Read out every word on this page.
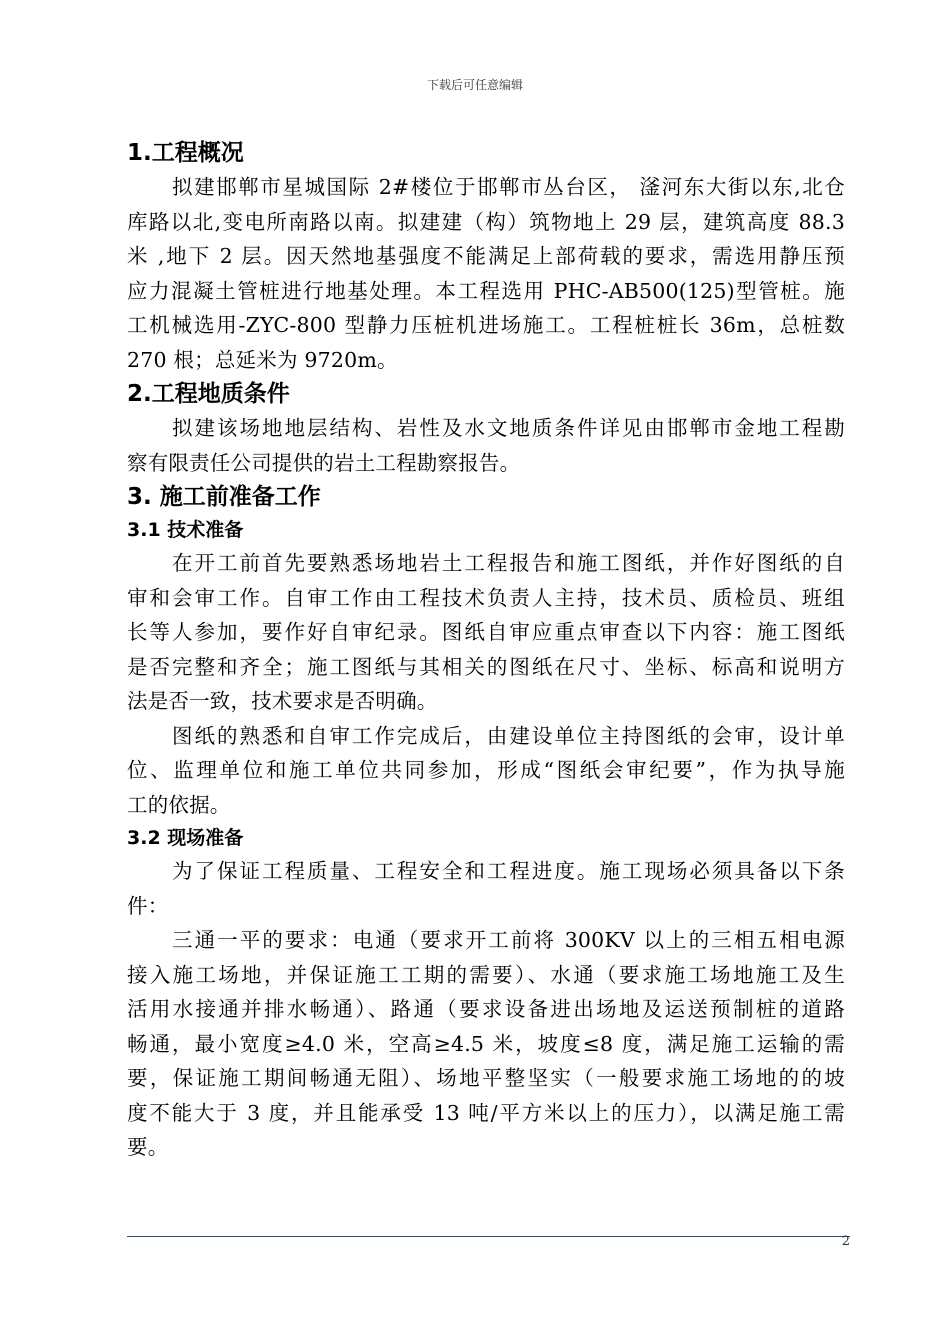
下载后可任意编辑
1.工程概况

拟建邯郸市星城国际 2#楼位于邯郸市丛台区， 滏河东大街以东,北仓

库路以北,变电所南路以南。拟建建（构）筑物地上 29 层，建筑高度 88.3

米 ,地下 2 层。因天然地基强度不能满足上部荷载的要求，需选用静压预

应力混凝土管桩进行地基处理。本工程选用 PHC-AB500(125)型管桩。施

工机械选用-ZYC-800 型静力压桩机进场施工。工程桩桩长 36m，总桩数

270 根；总延米为 9720m。

2.工程地质条件

拟建该场地地层结构、岩性及水文地质条件详见由邯郸市金地工程勘

察有限责任公司提供的岩土工程勘察报告。

3. 施工前准备工作
3.1 技术准备

在开工前首先要熟悉场地岩土工程报告和施工图纸，并作好图纸的自

审和会审工作。自审工作由工程技术负责人主持，技术员、质检员、班组

长等人参加，要作好自审纪录。图纸自审应重点审查以下内容：施工图纸

是否完整和齐全；施工图纸与其相关的图纸在尺寸、坐标、标高和说明方

法是否一致，技术要求是否明确。

图纸的熟悉和自审工作完成后，由建设单位主持图纸的会审，设计单

位、监理单位和施工单位共同参加，形成“图纸会审纪要”，作为执导施

工的依据。

3.2 现场准备

为了保证工程质量、工程安全和工程进度。施工现场必须具备以下条

件：

三通一平的要求：电通（要求开工前将 300KV 以上的三相五相电源

接入施工场地，并保证施工工期的需要）、水通（要求施工场地施工及生

活用水接通并排水畅通）、路通（要求设备进出场地及运送预制桩的道路

畅通，最小宽度≥4.0 米，空高≥4.5 米，坡度≤8 度，满足施工运输的需

要，保证施工期间畅通无阻）、场地平整坚实（一般要求施工场地的的坡

度不能大于 3 度，并且能承受 13 吨/平方米以上的压力），以满足施工需

要。

2
